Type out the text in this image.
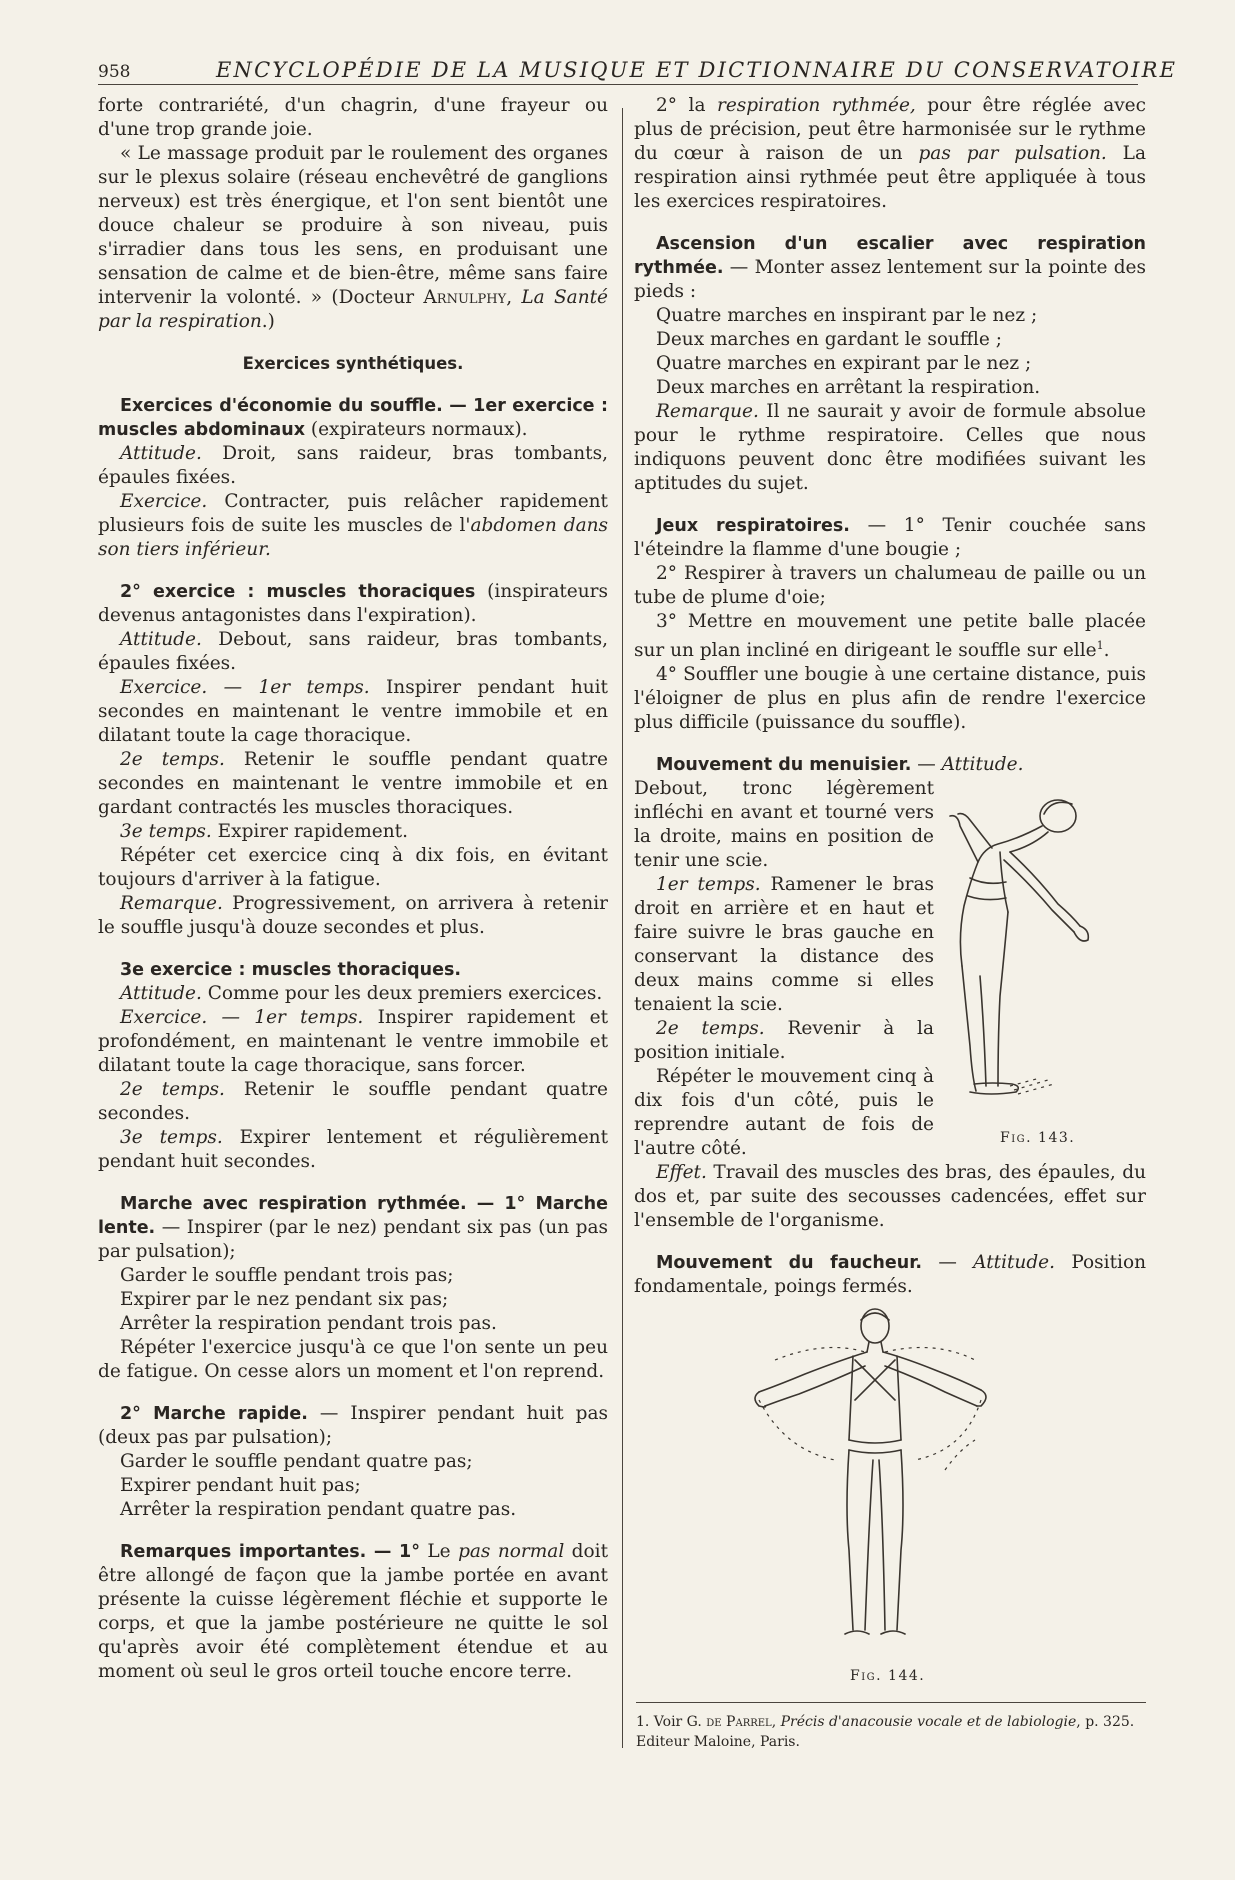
958	ENCYCLOPÉDIE DE LA MUSIQUE ET DICTIONNAIRE DU CONSERVATOIRE

forte contrariété, d'un chagrin, d'une frayeur ou d'une trop grande joie.

« Le massage produit par le roulement des organes sur le plexus solaire (réseau enchevêtré de ganglions nerveux) est très énergique, et l'on sent bientôt une douce chaleur se produire à son niveau, puis s'irradier dans tous les sens, en produisant une sensation de calme et de bien-être, même sans faire intervenir la volonté. » (Docteur Arnulphy, La Santé par la respiration.)

Exercices synthétiques.

Exercices d'économie du souffle. — 1er exercice : muscles abdominaux (expirateurs normaux).

Attitude. Droit, sans raideur, bras tombants, épaules fixées.

Exercice. Contracter, puis relâcher rapidement plusieurs fois de suite les muscles de l'abdomen dans son tiers inférieur.

2° exercice : muscles thoraciques (inspirateurs devenus antagonistes dans l'expiration).

Attitude. Debout, sans raideur, bras tombants, épaules fixées.

Exercice. — 1er temps. Inspirer pendant huit secondes en maintenant le ventre immobile et en dilatant toute la cage thoracique.

2e temps. Retenir le souffle pendant quatre secondes en maintenant le ventre immobile et en gardant contractés les muscles thoraciques.

3e temps. Expirer rapidement.

Répéter cet exercice cinq à dix fois, en évitant toujours d'arriver à la fatigue.

Remarque. Progressivement, on arrivera à retenir le souffle jusqu'à douze secondes et plus.

3e exercice : muscles thoraciques.

Attitude. Comme pour les deux premiers exercices.

Exercice. — 1er temps. Inspirer rapidement et profondément, en maintenant le ventre immobile et dilatant toute la cage thoracique, sans forcer.

2e temps. Retenir le souffle pendant quatre secondes.

3e temps. Expirer lentement et régulièrement pendant huit secondes.

Marche avec respiration rythmée. — 1° Marche lente. — Inspirer (par le nez) pendant six pas (un pas par pulsation);

Garder le souffle pendant trois pas;

Expirer par le nez pendant six pas;

Arrêter la respiration pendant trois pas.

Répéter l'exercice jusqu'à ce que l'on sente un peu de fatigue. On cesse alors un moment et l'on reprend.

2° Marche rapide. — Inspirer pendant huit pas (deux pas par pulsation);

Garder le souffle pendant quatre pas;

Expirer pendant huit pas;

Arrêter la respiration pendant quatre pas.

Remarques importantes. — 1° Le pas normal doit être allongé de façon que la jambe portée en avant présente la cuisse légèrement fléchie et supporte le corps, et que la jambe postérieure ne quitte le sol qu'après avoir été complètement étendue et au moment où seul le gros orteil touche encore terre.

2° la respiration rythmée, pour être réglée avec plus de précision, peut être harmonisée sur le rythme du cœur à raison de un pas par pulsation. La respiration ainsi rythmée peut être appliquée à tous les exercices respiratoires.

Ascension d'un escalier avec respiration rythmée. — Monter assez lentement sur la pointe des pieds :

Quatre marches en inspirant par le nez ;

Deux marches en gardant le souffle ;

Quatre marches en expirant par le nez ;

Deux marches en arrêtant la respiration.

Remarque. Il ne saurait y avoir de formule absolue pour le rythme respiratoire. Celles que nous indiquons peuvent donc être modifiées suivant les aptitudes du sujet.

Jeux respiratoires. — 1° Tenir couchée sans l'éteindre la flamme d'une bougie ;

2° Respirer à travers un chalumeau de paille ou un tube de plume d'oie;

3° Mettre en mouvement une petite balle placée sur un plan incliné en dirigeant le souffle sur elle$^1$.

4° Souffler une bougie à une certaine distance, puis l'éloigner de plus en plus afin de rendre l'exercice plus difficile (puissance du souffle).

Mouvement du menuisier. — Attitude.

Debout, tronc légèrement infléchi en avant et tourné vers la droite, mains en position de tenir une scie.

1er temps. Ramener le bras droit en arrière et en haut et faire suivre le bras gauche en conservant la distance des deux mains comme si elles tenaient la scie.

2e temps. Revenir à la position initiale.

Répéter le mouvement cinq à dix fois d'un côté, puis le reprendre autant de fois de l'autre côté.

Effet. Travail des muscles des bras, des épaules, du dos et, par suite des secousses cadencées, effet sur l'ensemble de l'organisme.

Mouvement du faucheur. — Attitude. Position fondamentale, poings fermés.

Fig. 143.
Fig. 144.
1. Voir G. de Parrel, Précis d'anacousie vocale et de labiologie, p. 325. Editeur Maloine, Paris.
